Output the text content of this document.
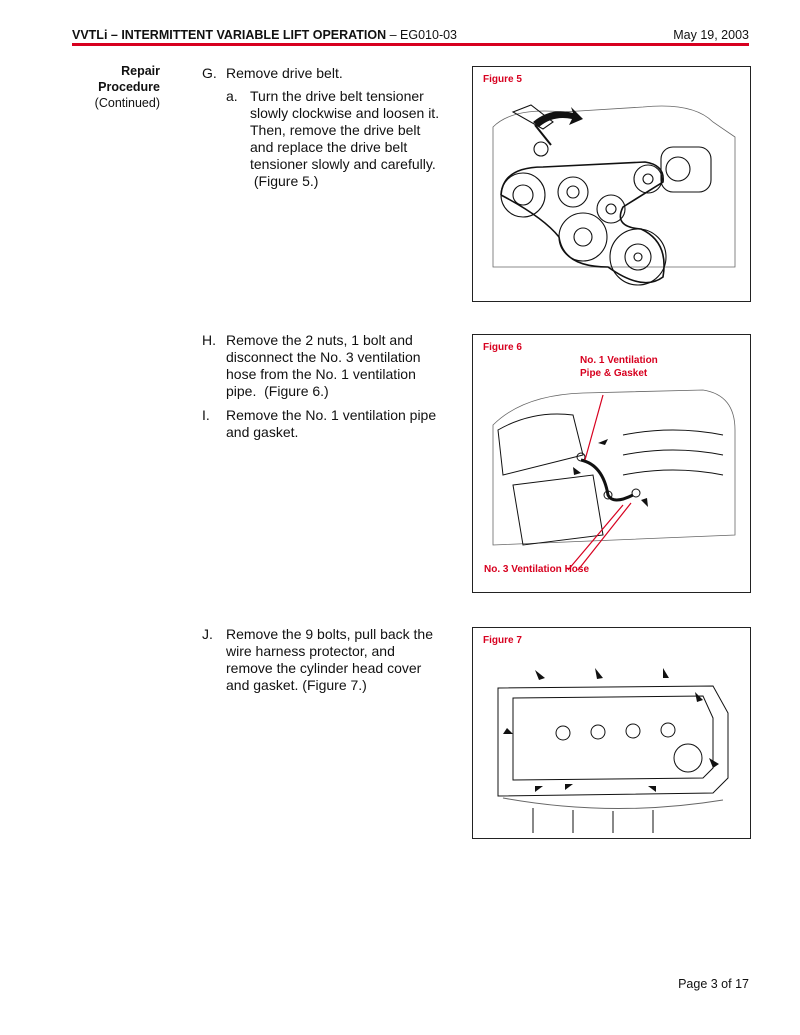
VVTLi – INTERMITTENT VARIABLE LIFT OPERATION – EG010-03	May 19, 2003
Repair
Procedure
(Continued)
G. Remove drive belt.
a. Turn the drive belt tensioner
slowly clockwise and loosen it.
Then, remove the drive belt
and replace the drive belt
tensioner slowly and carefully.
(Figure 5.)
H. Remove the 2 nuts, 1 bolt and
disconnect the No. 3 ventilation
hose from the No. 1 ventilation
pipe.  (Figure 6.)
I. Remove the No. 1 ventilation pipe
and gasket.
J. Remove the 9 bolts, pull back the
wire harness protector, and
remove the cylinder head cover
and gasket. (Figure 7.)
Figure 5
Figure 6
No. 1 Ventilation
Pipe & Gasket
No. 3 Ventilation Hose
Figure 7
Page 3 of 17
